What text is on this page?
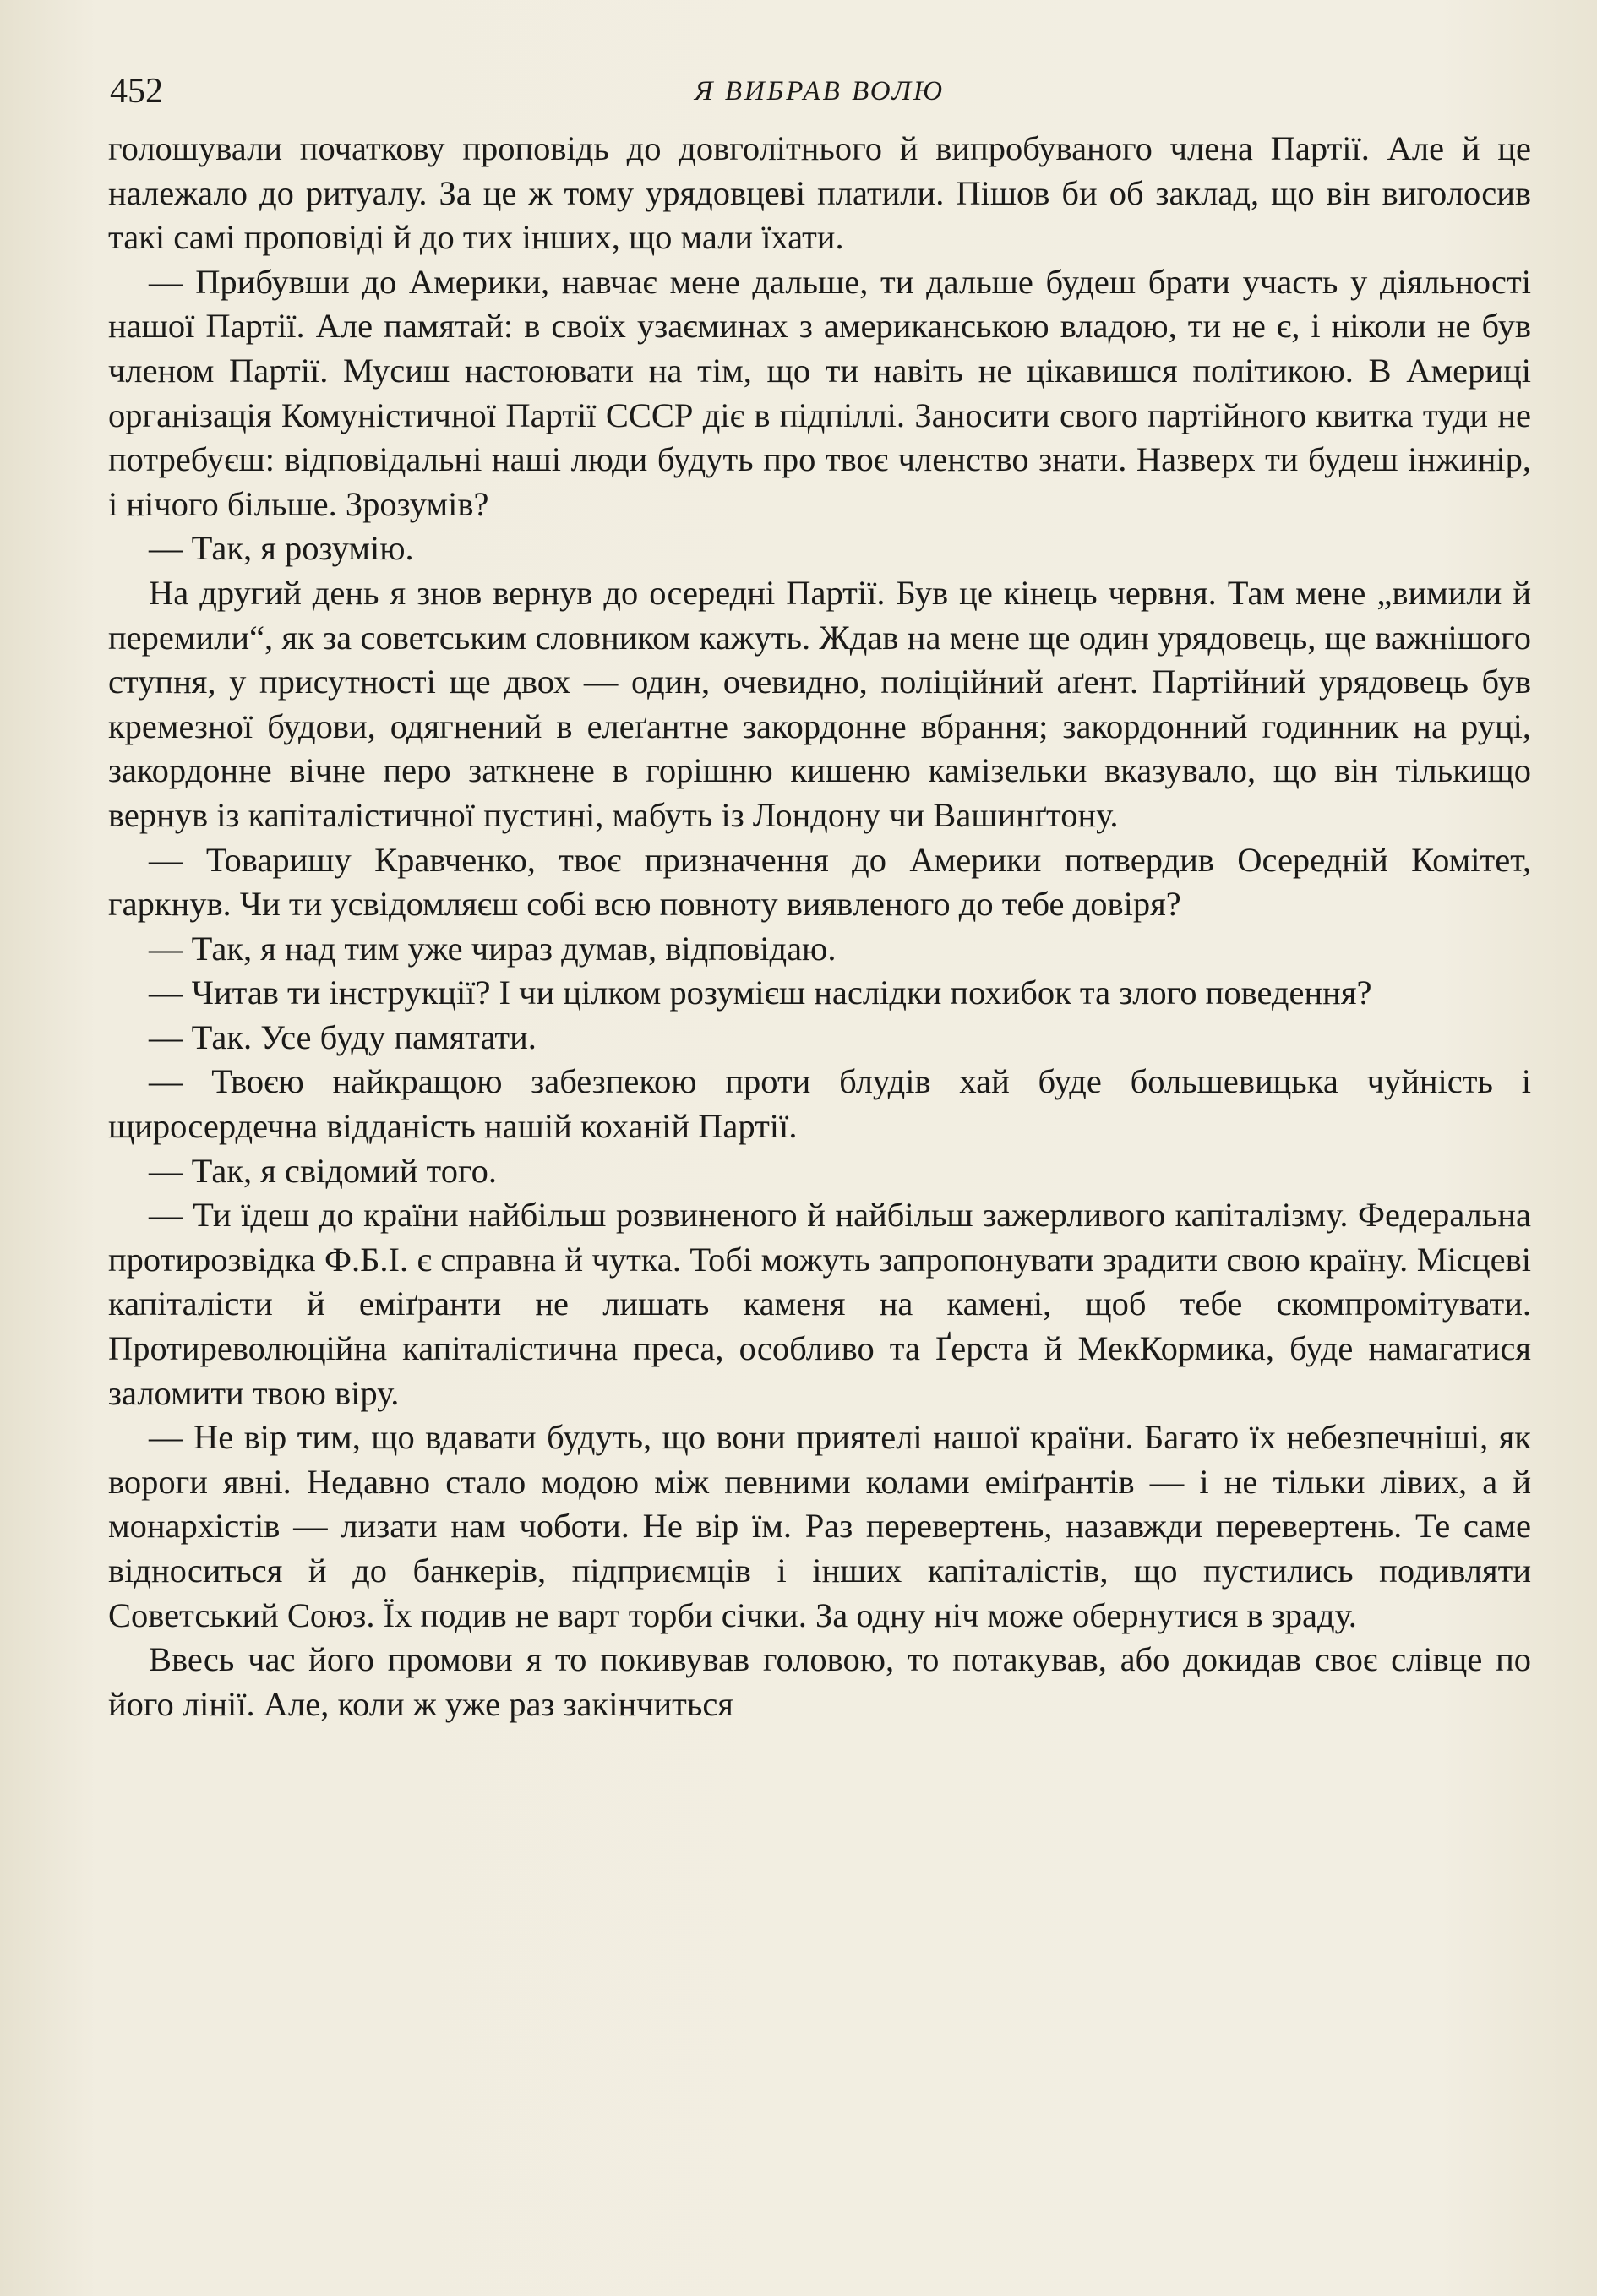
452	Я ВИБРАВ ВОЛЮ

голошували початкову проповідь до довголітнього й випробуваного члена Партії. Але й це належало до ритуалу. За це ж тому урядовцеві платили. Пішов би об заклад, що він виголосив такі самі проповіді й до тих інших, що мали їхати.

— Прибувши до Америки, навчає мене дальше, ти дальше будеш брати участь у діяльності нашої Партії. Але памятай: в своїх узаєминах з американською владою, ти не є, і ніколи не був членом Партії. Мусиш настоювати на тім, що ти навіть не цікавишся політикою. В Америці організація Комуністичної Партії СССР діє в підпіллі. Заносити свого партійного квитка туди не потребуєш: відповідальні наші люди будуть про твоє членство знати. Назверх ти будеш інжинір, і нічого більше. Зрозумів?

— Так, я розумію.

На другий день я знов вернув до осередні Партії. Був це кінець червня. Там мене „вимили й перемили“, як за советським словником кажуть. Ждав на мене ще один урядовець, ще важнішого ступня, у присутності ще двох — один, очевидно, поліційний аґент. Партійний урядовець був кремезної будови, одягнений в елеґантне закордонне вбрання; закордонний годинник на руці, закордонне вічне перо заткнене в горішню кишеню камізельки вказувало, що він тількищо вернув із капіталістичної пустині, мабуть із Лондону чи Вашинґтону.

— Товаришу Кравченко, твоє призначення до Америки потвердив Осередній Комітет, гаркнув. Чи ти усвідомляєш собі всю повноту виявленого до тебе довіря?

— Так, я над тим уже чираз думав, відповідаю.

— Читав ти інструкції? І чи цілком розумієш наслідки похибок та злого поведення?

— Так. Усе буду памятати.

— Твоєю найкращою забезпекою проти блудів хай буде большевицька чуйність і щиросердечна відданість нашій коханій Партії.

— Так, я свідомий того.

— Ти їдеш до країни найбільш розвиненого й найбільш зажерливого капіталізму. Федеральна протирозвідка Ф.Б.І. є справна й чутка. Тобі можуть запропонувати зрадити свою країну. Місцеві капіталісти й еміґранти не лишать каменя на камені, щоб тебе скомпромітувати. Протиреволюційна капіталістична преса, особливо та Ґерста й МекКормика, буде намагатися заломити твою віру.

— Не вір тим, що вдавати будуть, що вони приятелі нашої країни. Багато їх небезпечніші, як вороги явні. Недавно стало модою між певними колами еміґрантів — і не тільки лівих, а й монархістів — лизати нам чоботи. Не вір їм. Раз перевертень, назавжди перевертень. Те саме відноситься й до банкерів, підприємців і інших капіталістів, що пустились подивляти Советський Союз. Їх подив не варт торби січки. За одну ніч може обернутися в зраду.

Ввесь час його промови я то покивував головою, то потакував, або докидав своє слівце по його лінії. Але, коли ж уже раз закінчиться
